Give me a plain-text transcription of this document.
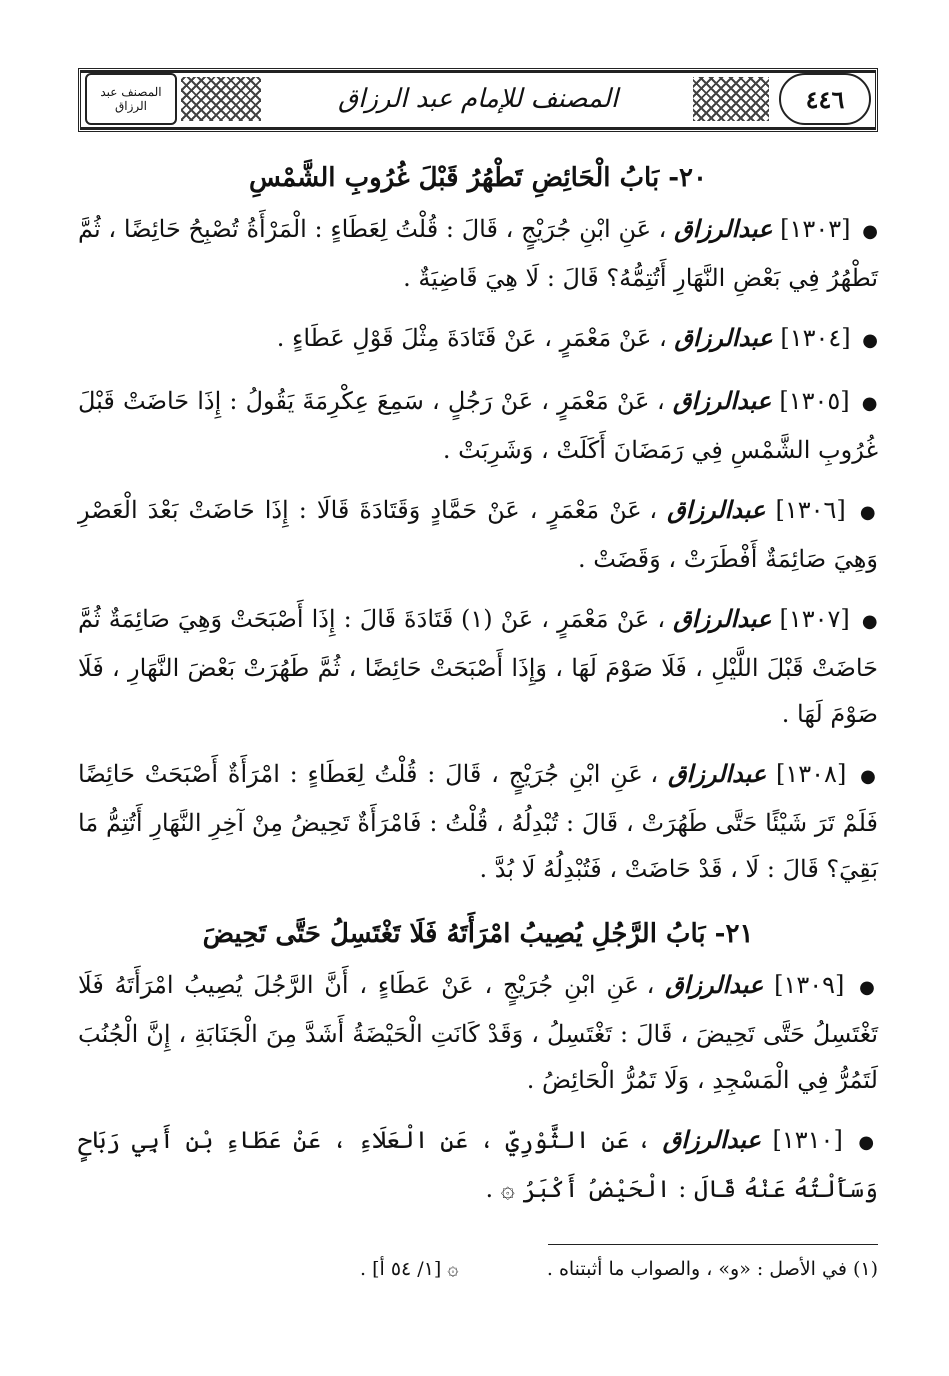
٤٤٦
المصنف للإمام عبد الرزاق
المصنف عبد الرزاق

٢٠- بَابُ الْحَائِضِ تَطْهُرُ قَبْلَ غُرُوبِ الشَّمْسِ

● [١٣٠٣] عبدالرزاق ، عَنِ ابْنِ جُرَيْجٍ ، قَالَ : قُلْتُ لِعَطَاءٍ : الْمَرْأَةُ تُصْبِحُ حَائِضًا ، ثُمَّ تَطْهُرُ فِي بَعْضِ النَّهَارِ أَتُتِمُّهُ؟ قَالَ : لَا هِيَ قَاضِيَةٌ .

● [١٣٠٤] عبدالرزاق ، عَنْ مَعْمَرٍ ، عَنْ قَتَادَةَ مِثْلَ قَوْلِ عَطَاءٍ .

● [١٣٠٥] عبدالرزاق ، عَنْ مَعْمَرٍ ، عَنْ رَجُلٍ ، سَمِعَ عِكْرِمَةَ يَقُولُ : إِذَا حَاضَتْ قَبْلَ غُرُوبِ الشَّمْسِ فِي رَمَضَانَ أَكَلَتْ ، وَشَرِبَتْ .

● [١٣٠٦] عبدالرزاق ، عَنْ مَعْمَرٍ ، عَنْ حَمَّادٍ وَقَتَادَةَ قَالَا : إِذَا حَاضَتْ بَعْدَ الْعَصْرِ وَهِيَ صَائِمَةٌ أَفْطَرَتْ ، وَقَضَتْ .

● [١٣٠٧] عبدالرزاق ، عَنْ مَعْمَرٍ ، عَنْ (١) قَتَادَةَ قَالَ : إِذَا أَصْبَحَتْ وَهِيَ صَائِمَةٌ ثُمَّ حَاضَتْ قَبْلَ اللَّيْلِ ، فَلَا صَوْمَ لَهَا ، وَإِذَا أَصْبَحَتْ حَائِضًا ، ثُمَّ طَهُرَتْ بَعْضَ النَّهَارِ ، فَلَا صَوْمَ لَهَا .

● [١٣٠٨] عبدالرزاق ، عَنِ ابْنِ جُرَيْجٍ ، قَالَ : قُلْتُ لِعَطَاءٍ : امْرَأَةٌ أَصْبَحَتْ حَائِضًا فَلَمْ تَرَ شَيْئًا حَتَّى طَهُرَتْ ، قَالَ : تُبْدِلُهُ ، قُلْتُ : فَامْرَأَةٌ تَحِيضُ مِنْ آخِرِ النَّهَارِ أَتُتِمُّ مَا بَقِيَ؟ قَالَ : لَا ، قَدْ حَاضَتْ ، فَتُبْدِلُهُ لَا بُدَّ .

٢١- بَابُ الرَّجُلِ يُصِيبُ امْرَأَتَهُ فَلَا تَغْتَسِلُ حَتَّى تَحِيضَ

● [١٣٠٩] عبدالرزاق ، عَنِ ابْنِ جُرَيْجٍ ، عَنْ عَطَاءٍ ، أَنَّ الرَّجُلَ يُصِيبُ امْرَأَتَهُ فَلَا تَغْتَسِلُ حَتَّى تَحِيضَ ، قَالَ : تَغْتَسِلُ ، وَقَدْ كَانَتِ الْحَيْضَةُ أَشَدَّ مِنَ الْجَنَابَةِ ، إِنَّ الْجُنُبَ لَتَمُرُّ فِي الْمَسْجِدِ ، وَلَا تَمُرُّ الْحَائِضُ .

● [١٣١٠] عبدالرزاق ، عَنِ الثَّوْرِيِّ ، عَنِ الْعَلَاءِ ، عَنْ عَطَاءِ بْنِ أَبِي رَبَاحٍ وَسَأَلْتُهُ عَنْهُ قَالَ : الْحَيْضُ أَكْبَرُ ۞ .

(١) في الأصل : «و» ، والصواب ما أثبتناه .
۞ [١/ ٥٤ أ] .
